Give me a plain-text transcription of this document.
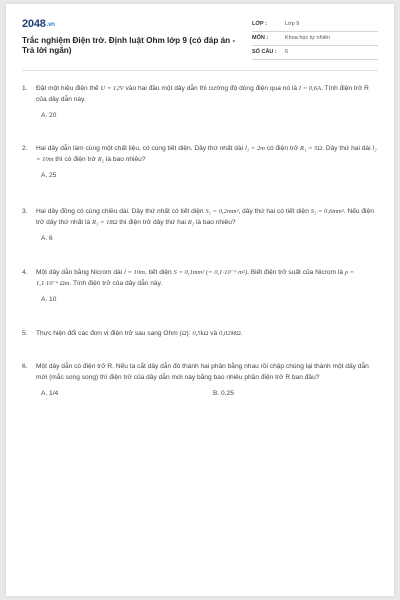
2048.vn
Trắc nghiệm Điện trở. Định luật Ohm lớp 9 (có đáp án - Trả lời ngắn)
LỚP :	Lớp 9
MÔN :	Khoa học tự nhiên
SỐ CÂU : 6
1. Đặt một hiệu điện thế U = 12V vào hai đầu một dây dẫn thì cường độ dòng điện qua nó là I = 0,6A. Tính điện trở R của dây dẫn này.
A. 20
2. Hai dây dẫn làm cùng một chất liệu, có cùng tiết diện. Dây thứ nhất dài l₁ = 2m có điện trở R₁ = 5Ω. Dây thứ hai dài l₂ = 10m thì có điện trở R₂ là bao nhiêu?
A. 25
3. Hai dây đồng có cùng chiều dài. Dây thứ nhất có tiết diện S₁ = 0,2mm², dây thứ hai có tiết diện S₂ = 0,6mm². Nếu điện trở dây thứ nhất là R₁ = 18Ω thì điện trở dây thứ hai R₂ là bao nhiêu?
A. 6
4. Một dây dẫn bằng Nicrom dài l = 10m, tiết diện S = 0,1mm² (= 0,1·10⁻⁶ m²). Biết điện trở suất của Nicrom là ρ = 1,1·10⁻⁶ Ωm. Tính điện trở của dây dẫn này.
A. 10
5. Thực hiện đổi các đơn vị điện trở sau sang Ohm (Ω): 0,5kΩ và 0,02MΩ.
6. Một dây dẫn có điện trở R. Nếu ta cắt dây dẫn đó thành hai phần bằng nhau rồi chập chúng lại thành một dây dẫn mới (mắc song song) thì điện trở của dây dẫn mới này bằng bao nhiêu phần điện trở R ban đầu?
A. 1/4	B. 0,25
